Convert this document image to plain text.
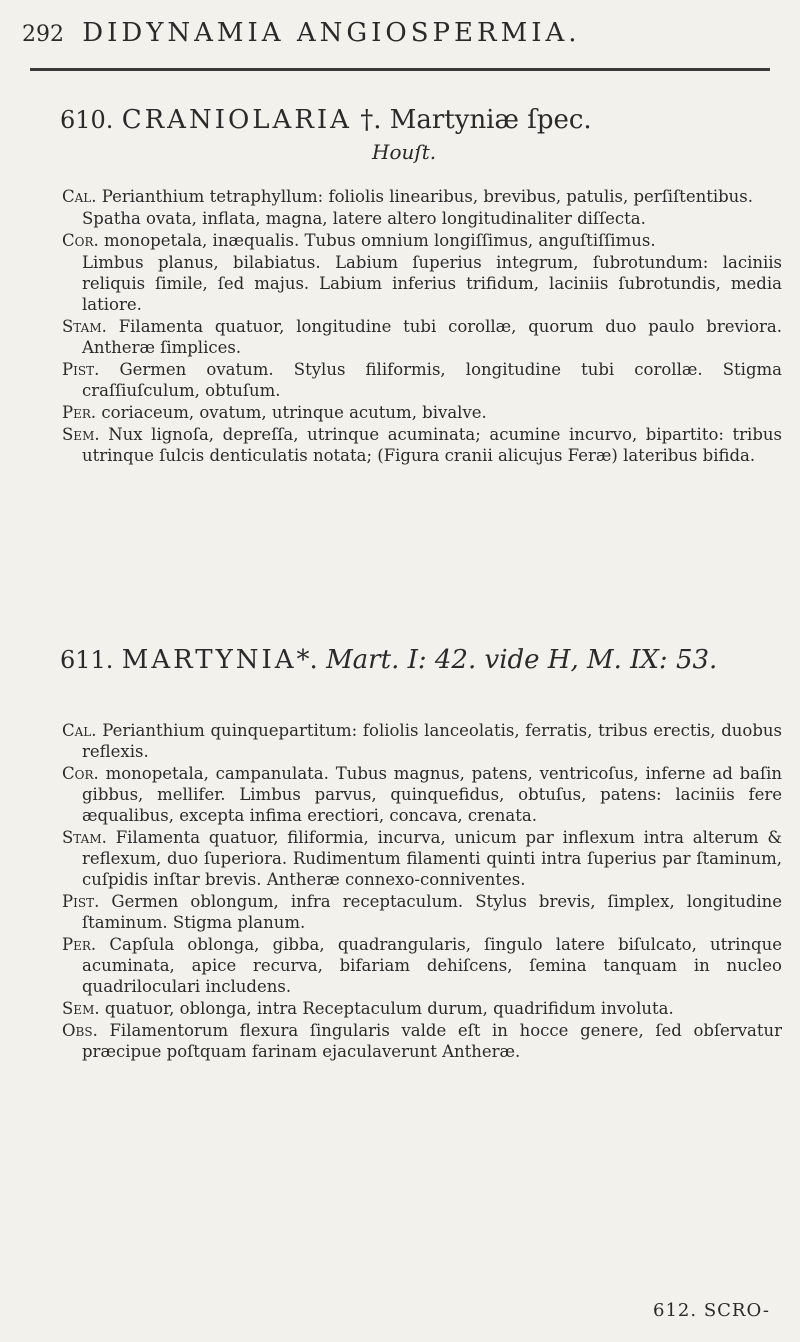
292 DIDYNAMIA ANGIOSPERMIA.
610. CRANIOLARIA †. Martyniæ ſpec.
Houſt.
Cal. Perianthium tetraphyllum: foliolis linearibus, brevibus, patulis, perſiſtentibus.
Spatha ovata, inflata, magna, latere altero longitudinaliter diſſecta.
Cor. monopetala, inæqualis. Tubus omnium longiſſimus, anguſtiſſimus.
Limbus planus, bilabiatus. Labium ſuperius integrum, ſubrotundum: laciniis reliquis ſimile, ſed majus. Labium inferius trifidum, laciniis ſubrotundis, media latiore.
Stam. Filamenta quatuor, longitudine tubi corollæ, quorum duo paulo breviora. Antheræ ſimplices.
Pist. Germen ovatum. Stylus filiformis, longitudine tubi corollæ. Stigma craſſiuſculum, obtuſum.
Per. coriaceum, ovatum, utrinque acutum, bivalve.
Sem. Nux lignoſa, depreſſa, utrinque acuminata; acumine incurvo, bipartito: tribus utrinque ſulcis denticulatis notata; (Figura cranii alicujus Feræ) lateribus bifida.
611. MARTYNIA*. Mart. I: 42. vide H, M. IX: 53.
Cal. Perianthium quinquepartitum: foliolis lanceolatis, ferratis, tribus erectis, duobus reflexis.
Cor. monopetala, campanulata. Tubus magnus, patens, ventricoſus, inferne ad baſin gibbus, mellifer. Limbus parvus, quinquefidus, obtuſus, patens: laciniis fere æqualibus, excepta infima erectiori, concava, crenata.
Stam. Filamenta quatuor, filiformia, incurva, unicum par inflexum intra alterum & reflexum, duo ſuperiora. Rudimentum filamenti quinti intra ſuperius par ſtaminum, cuſpidis inſtar brevis. Antheræ connexo-conniventes.
Pist. Germen oblongum, infra receptaculum. Stylus brevis, ſimplex, longitudine ſtaminum. Stigma planum.
Per. Capſula oblonga, gibba, quadrangularis, ſingulo latere biſulcato, utrinque acuminata, apice recurva, bifariam dehiſcens, ſemina tanquam in nucleo quadriloculari includens.
Sem. quatuor, oblonga, intra Receptaculum durum, quadrifidum involuta.
Obs. Filamentorum flexura ſingularis valde eſt in hocce genere, ſed obſervatur præcipue poſtquam farinam ejaculaverunt Antheræ.
612. SCRO-
